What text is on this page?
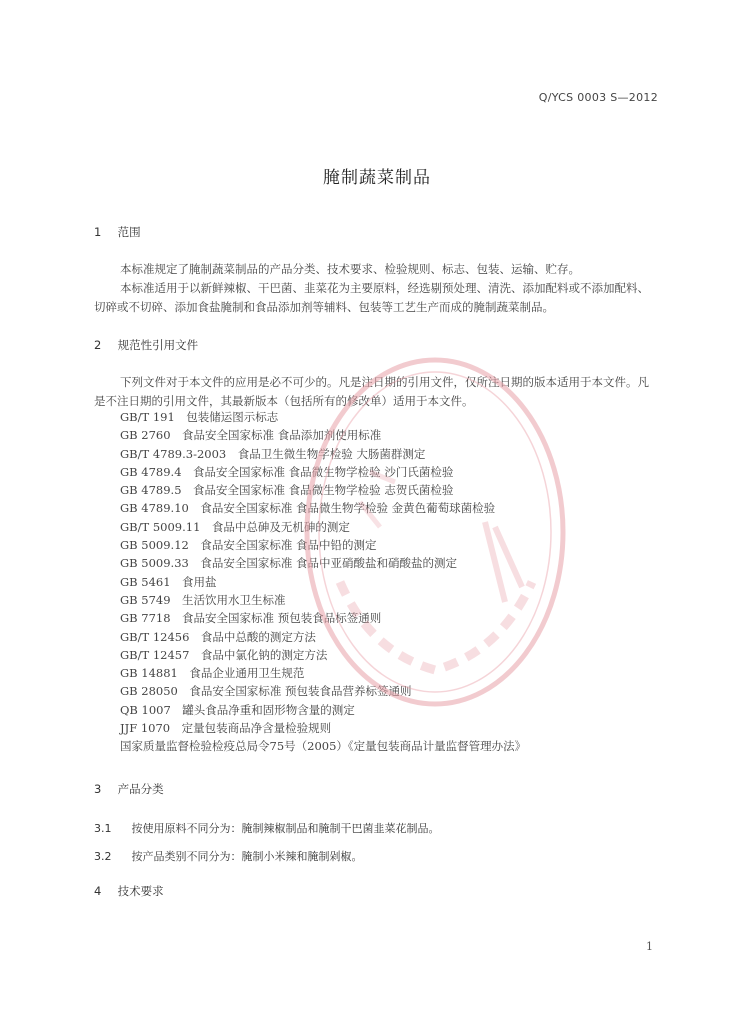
Q/YCS 0003 S—2012
腌制蔬菜制品
1 范围

本标准规定了腌制蔬菜制品的产品分类、技术要求、检验规则、标志、包装、运输、贮存。

本标准适用于以新鲜辣椒、干巴菌、韭菜花为主要原料，经选剔预处理、清洗、添加配料或不添加配料、切碎或不切碎、添加食盐腌制和食品添加剂等辅料、包装等工艺生产而成的腌制蔬菜制品。

2 规范性引用文件

下列文件对于本文件的应用是必不可少的。凡是注日期的引用文件，仅所注日期的版本适用于本文件。凡是不注日期的引用文件，其最新版本（包括所有的修改单）适用于本文件。

GB/T 191　包装储运图示标志
GB 2760　食品安全国家标准 食品添加剂使用标准
GB/T 4789.3-2003　食品卫生微生物学检验 大肠菌群测定
GB 4789.4　食品安全国家标准 食品微生物学检验 沙门氏菌检验
GB 4789.5　食品安全国家标准 食品微生物学检验 志贺氏菌检验
GB 4789.10　食品安全国家标准 食品微生物学检验 金黄色葡萄球菌检验
GB/T 5009.11　食品中总砷及无机砷的测定
GB 5009.12　食品安全国家标准 食品中铅的测定
GB 5009.33　食品安全国家标准 食品中亚硝酸盐和硝酸盐的测定
GB 5461　食用盐
GB 5749　生活饮用水卫生标准
GB 7718　食品安全国家标准 预包装食品标签通则
GB/T 12456　食品中总酸的测定方法
GB/T 12457　食品中氯化钠的测定方法
GB 14881　食品企业通用卫生规范
GB 28050　食品安全国家标准 预包装食品营养标签通则
QB 1007　罐头食品净重和固形物含量的测定
JJF 1070　定量包装商品净含量检验规则
国家质量监督检验检疫总局令75号（2005）《定量包装商品计量监督管理办法》
3 产品分类
3.1 按使用原料不同分为：腌制辣椒制品和腌制干巴菌韭菜花制品。
3.2 按产品类别不同分为：腌制小米辣和腌制剁椒。
4 技术要求
1
